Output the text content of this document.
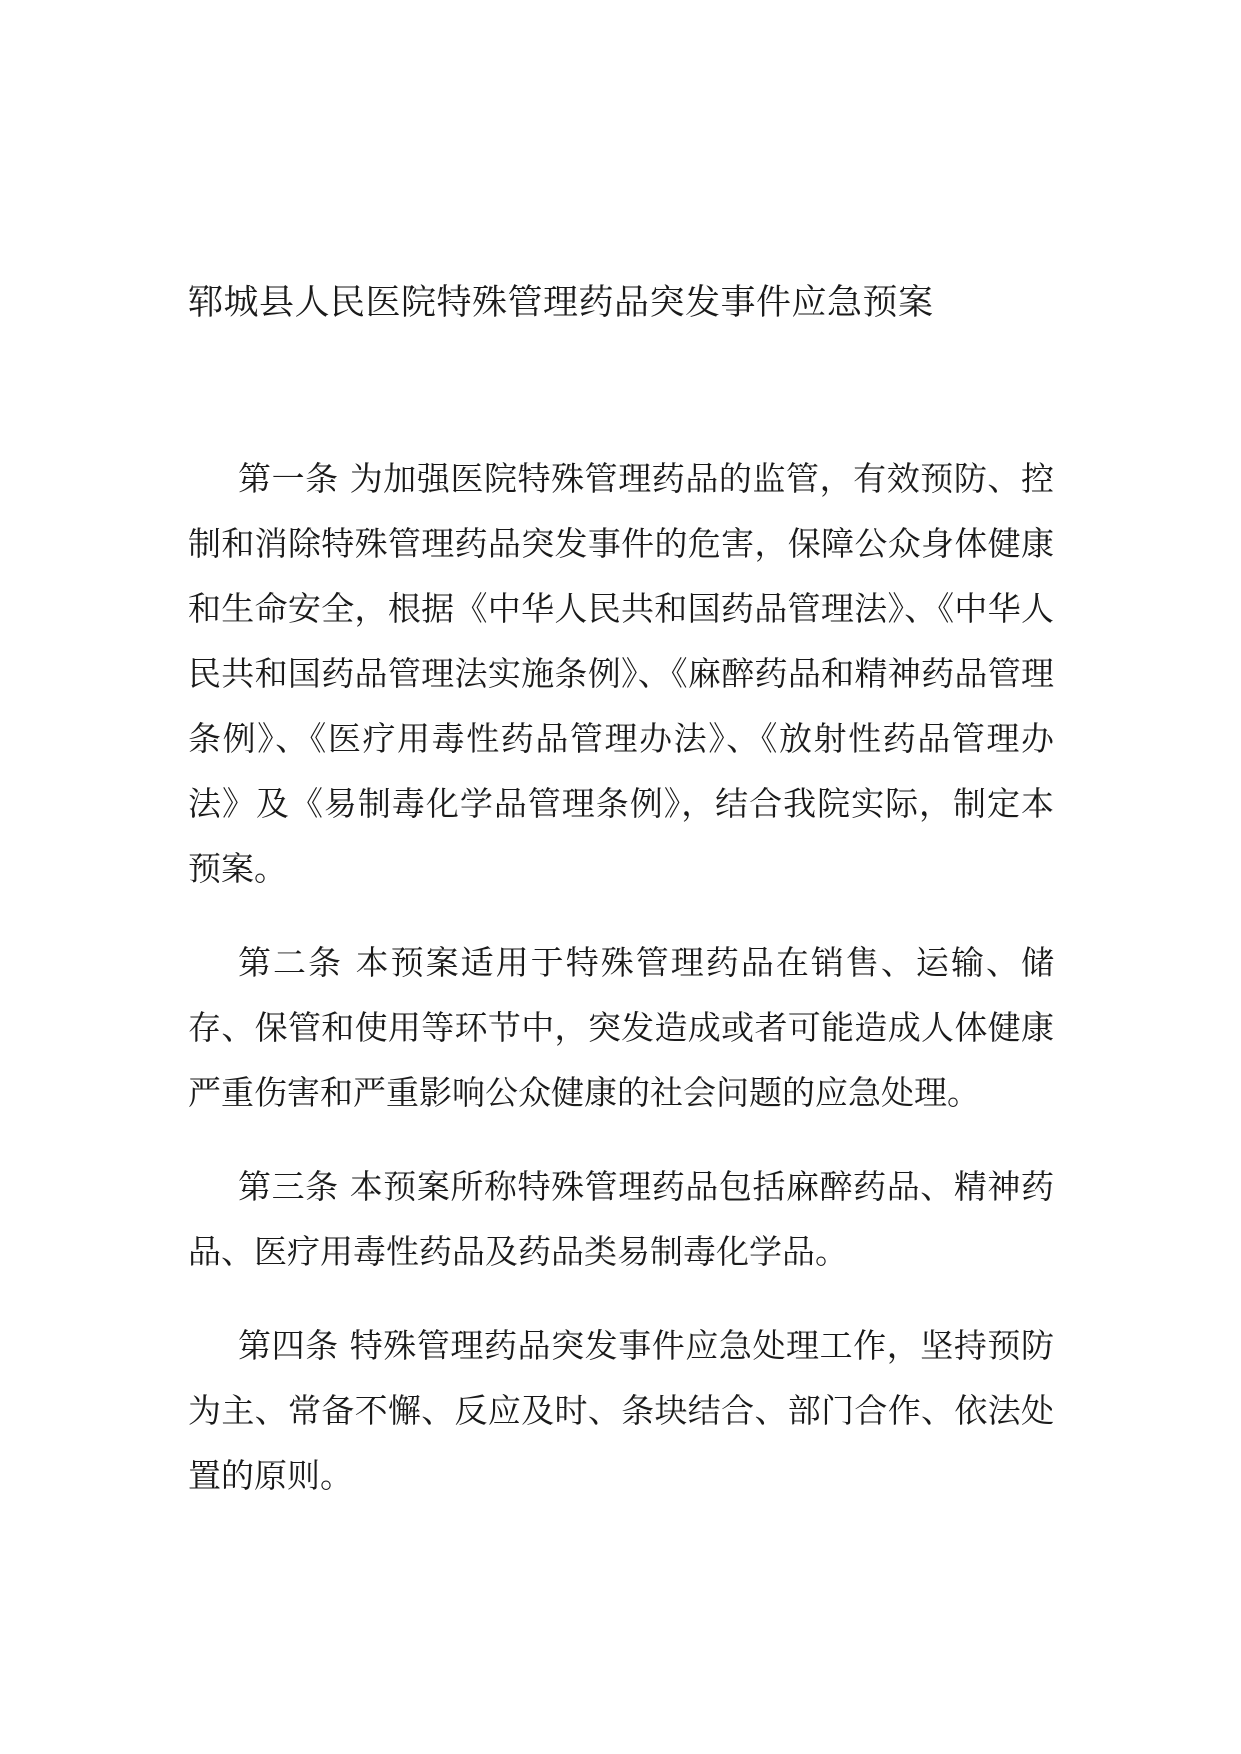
郓城县人民医院特殊管理药品突发事件应急预案

第一条 为加强医院特殊管理药品的监管，有效预防、控制和消除特殊管理药品突发事件的危害，保障公众身体健康和生命安全，根据《中华人民共和国药品管理法》、《中华人民共和国药品管理法实施条例》、《麻醉药品和精神药品管理条例》、《医疗用毒性药品管理办法》、《放射性药品管理办法》及《易制毒化学品管理条例》，结合我院实际，制定本预案。

第二条 本预案适用于特殊管理药品在销售、运输、储存、保管和使用等环节中，突发造成或者可能造成人体健康严重伤害和严重影响公众健康的社会问题的应急处理。

第三条 本预案所称特殊管理药品包括麻醉药品、精神药品、医疗用毒性药品及药品类易制毒化学品。

第四条 特殊管理药品突发事件应急处理工作，坚持预防为主、常备不懈、反应及时、条块结合、部门合作、依法处置的原则。
